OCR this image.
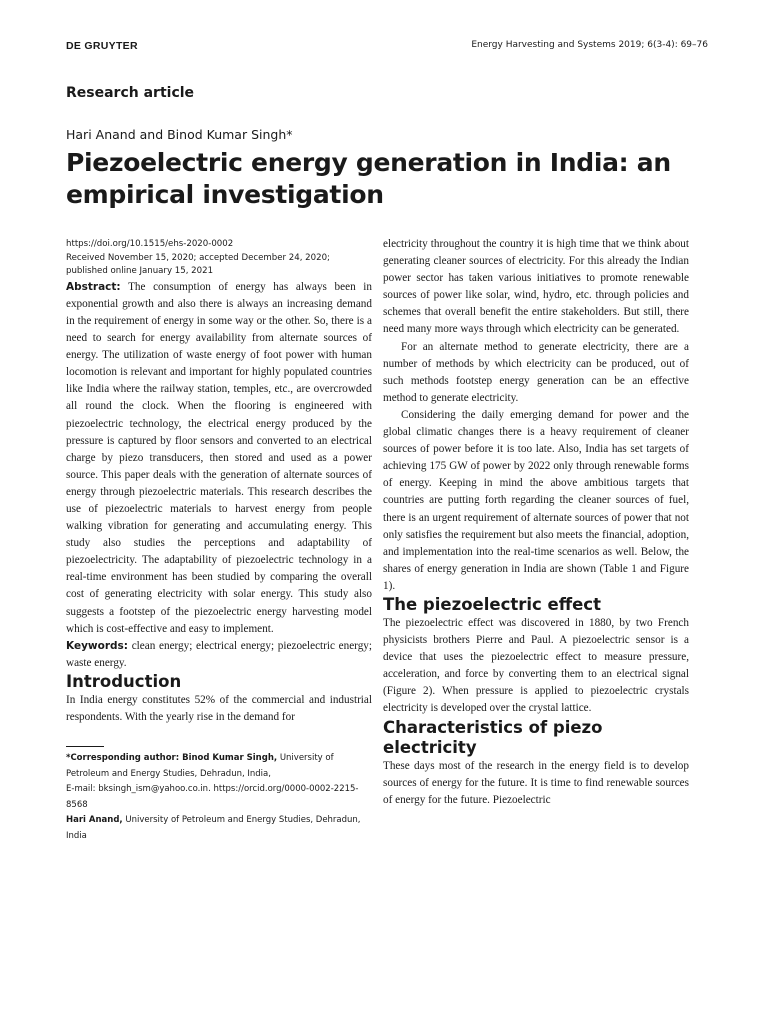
DE GRUYTER	Energy Harvesting and Systems 2019; 6(3-4): 69–76
Research article
Hari Anand and Binod Kumar Singh*
Piezoelectric energy generation in India: an empirical investigation
https://doi.org/10.1515/ehs-2020-0002
Received November 15, 2020; accepted December 24, 2020;
published online January 15, 2021

Abstract: The consumption of energy has always been in exponential growth and also there is always an increasing demand in the requirement of energy in some way or the other. So, there is a need to search for energy availability from alternate sources of energy. The utilization of waste energy of foot power with human locomotion is relevant and important for highly populated countries like India where the railway station, temples, etc., are overcrowded all round the clock. When the flooring is engineered with piezoelectric technology, the electrical energy produced by the pressure is captured by floor sensors and converted to an electrical charge by piezo transducers, then stored and used as a power source. This paper deals with the generation of alternate sources of energy through piezoelectric materials. This research describes the use of piezoelectric materials to harvest energy from people walking vibration for generating and accumulating energy. This study also studies the perceptions and adaptability of piezoelectricity. The adaptability of piezoelectric technology in a real-time environment has been studied by comparing the overall cost of generating electricity with solar energy. This study also suggests a footstep of the piezoelectric energy harvesting model which is cost-effective and easy to implement.

Keywords: clean energy; electrical energy; piezoelectric energy; waste energy.

Introduction

In India energy constitutes 52% of the commercial and industrial respondents. With the yearly rise in the demand for

*Corresponding author: Binod Kumar Singh, University of Petroleum and Energy Studies, Dehradun, India,
E-mail: bksingh_ism@yahoo.co.in. https://orcid.org/0000-0002-2215-8568
Hari Anand, University of Petroleum and Energy Studies, Dehradun, India

electricity throughout the country it is high time that we think about generating cleaner sources of electricity. For this already the Indian power sector has taken various initiatives to promote renewable sources of power like solar, wind, hydro, etc. through policies and schemes that overall benefit the entire stakeholders. But still, there need many more ways through which electricity can be generated.

For an alternate method to generate electricity, there are a number of methods by which electricity can be produced, out of such methods footstep energy generation can be an effective method to generate electricity.

Considering the daily emerging demand for power and the global climatic changes there is a heavy requirement of cleaner sources of power before it is too late. Also, India has set targets of achieving 175 GW of power by 2022 only through renewable forms of energy. Keeping in mind the above ambitious targets that countries are putting forth regarding the cleaner sources of fuel, there is an urgent requirement of alternate sources of power that not only satisfies the requirement but also meets the financial, adoption, and implementation into the real-time scenarios as well. Below, the shares of energy generation in India are shown (Table 1 and Figure 1).

The piezoelectric effect

The piezoelectric effect was discovered in 1880, by two French physicists brothers Pierre and Paul. A piezoelectric sensor is a device that uses the piezoelectric effect to measure pressure, acceleration, and force by converting them to an electrical signal (Figure 2). When pressure is applied to piezoelectric crystals electricity is developed over the crystal lattice.

Characteristics of piezo electricity

These days most of the research in the energy field is to develop sources of energy for the future. It is time to find renewable sources of energy for the future. Piezoelectric
